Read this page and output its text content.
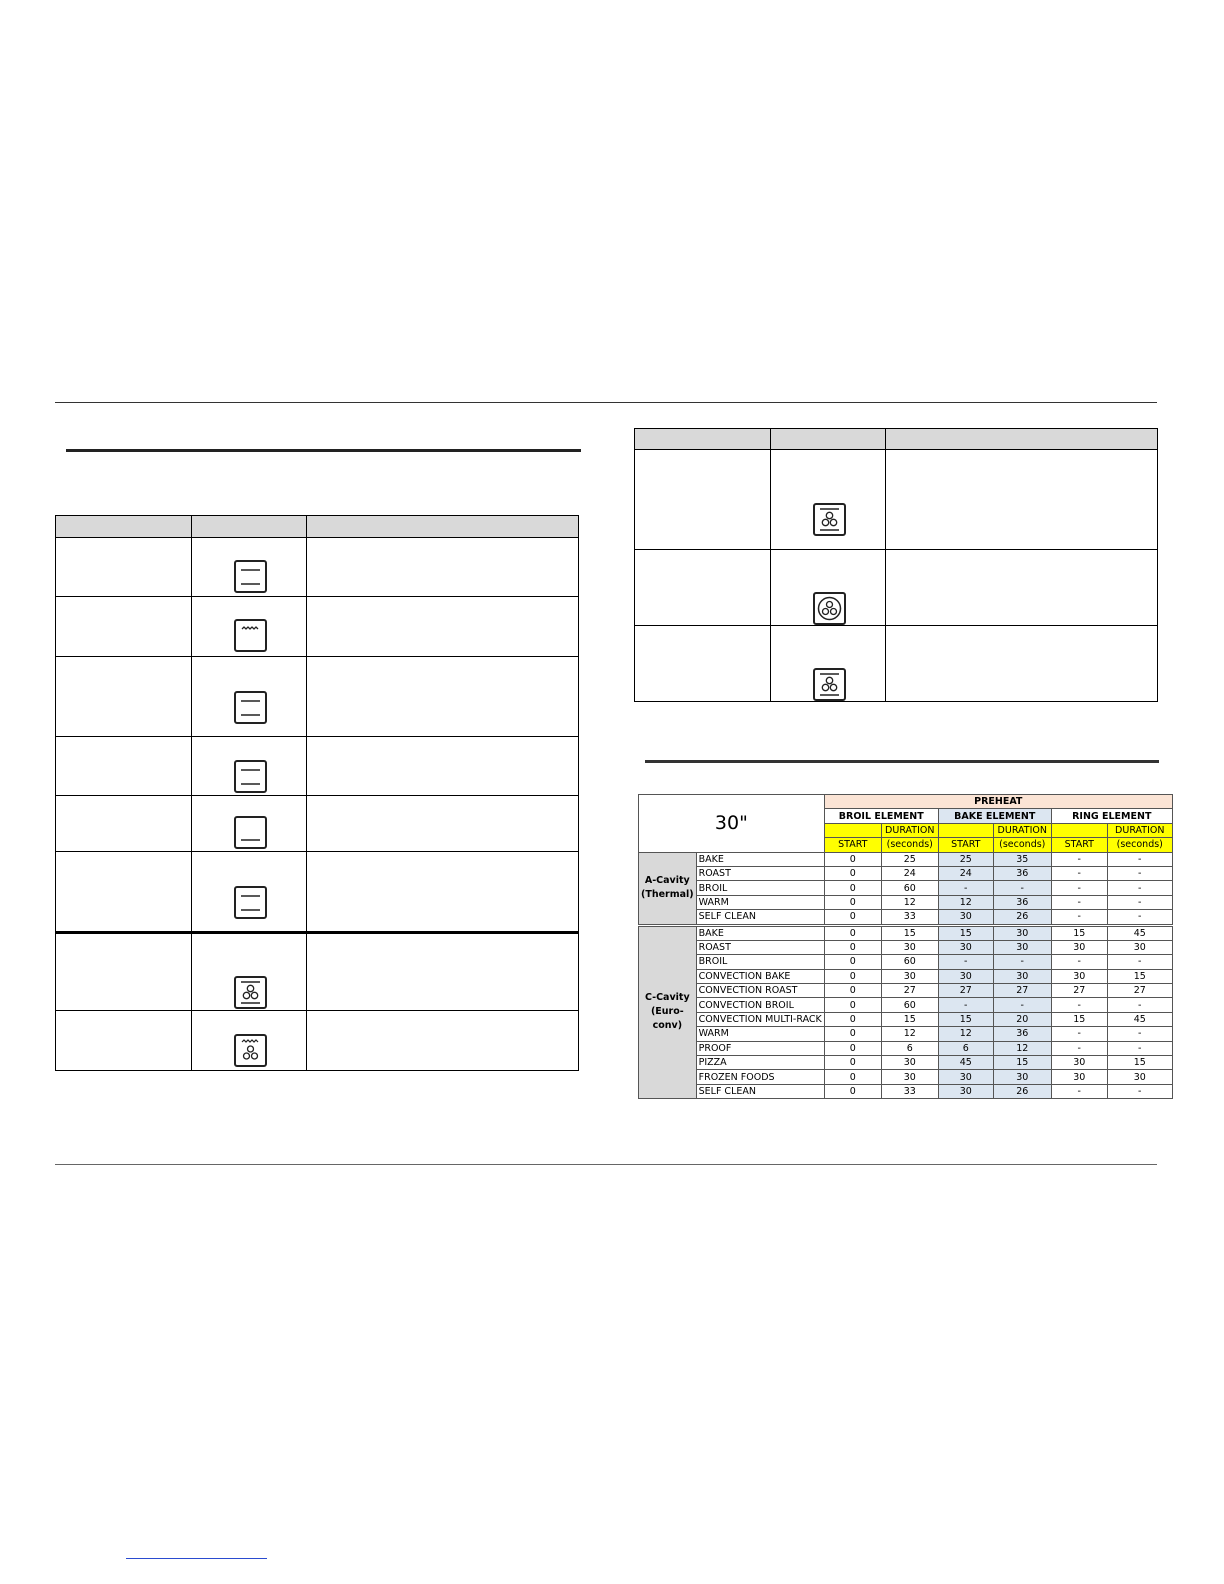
30"		PREHEAT					
		BROIL ELEMENT		BAKE ELEMENT		RING ELEMENT	
			DURATION		DURATION		DURATION
		START	(seconds)	START	(seconds)	START	(seconds)

A-Cavity
(Thermal)	BAKE	0	25	25	35	-	-
	ROAST	0	24	24	36	-	-
	BROIL	0	60	-	-	-	-
	WARM	0	12	12	36	-	-
	SELF CLEAN	0	33	30	26	-	-

C-Cavity
(Euro-
conv)	BAKE	0	15	15	30	15	45
	ROAST	0	30	30	30	30	30
	BROIL	0	60	-	-	-	-
	CONVECTION BAKE	0	30	30	30	30	15
	CONVECTION ROAST	0	27	27	27	27	27
	CONVECTION BROIL	0	60	-	-	-	-
	CONVECTION MULTI-RACK	0	15	15	20	15	45
	WARM	0	12	12	36	-	-
	PROOF	0	6	6	12	-	-
	PIZZA	0	30	45	15	30	15
	FROZEN FOODS	0	30	30	30	30	30
	SELF CLEAN	0	33	30	26	-	-
